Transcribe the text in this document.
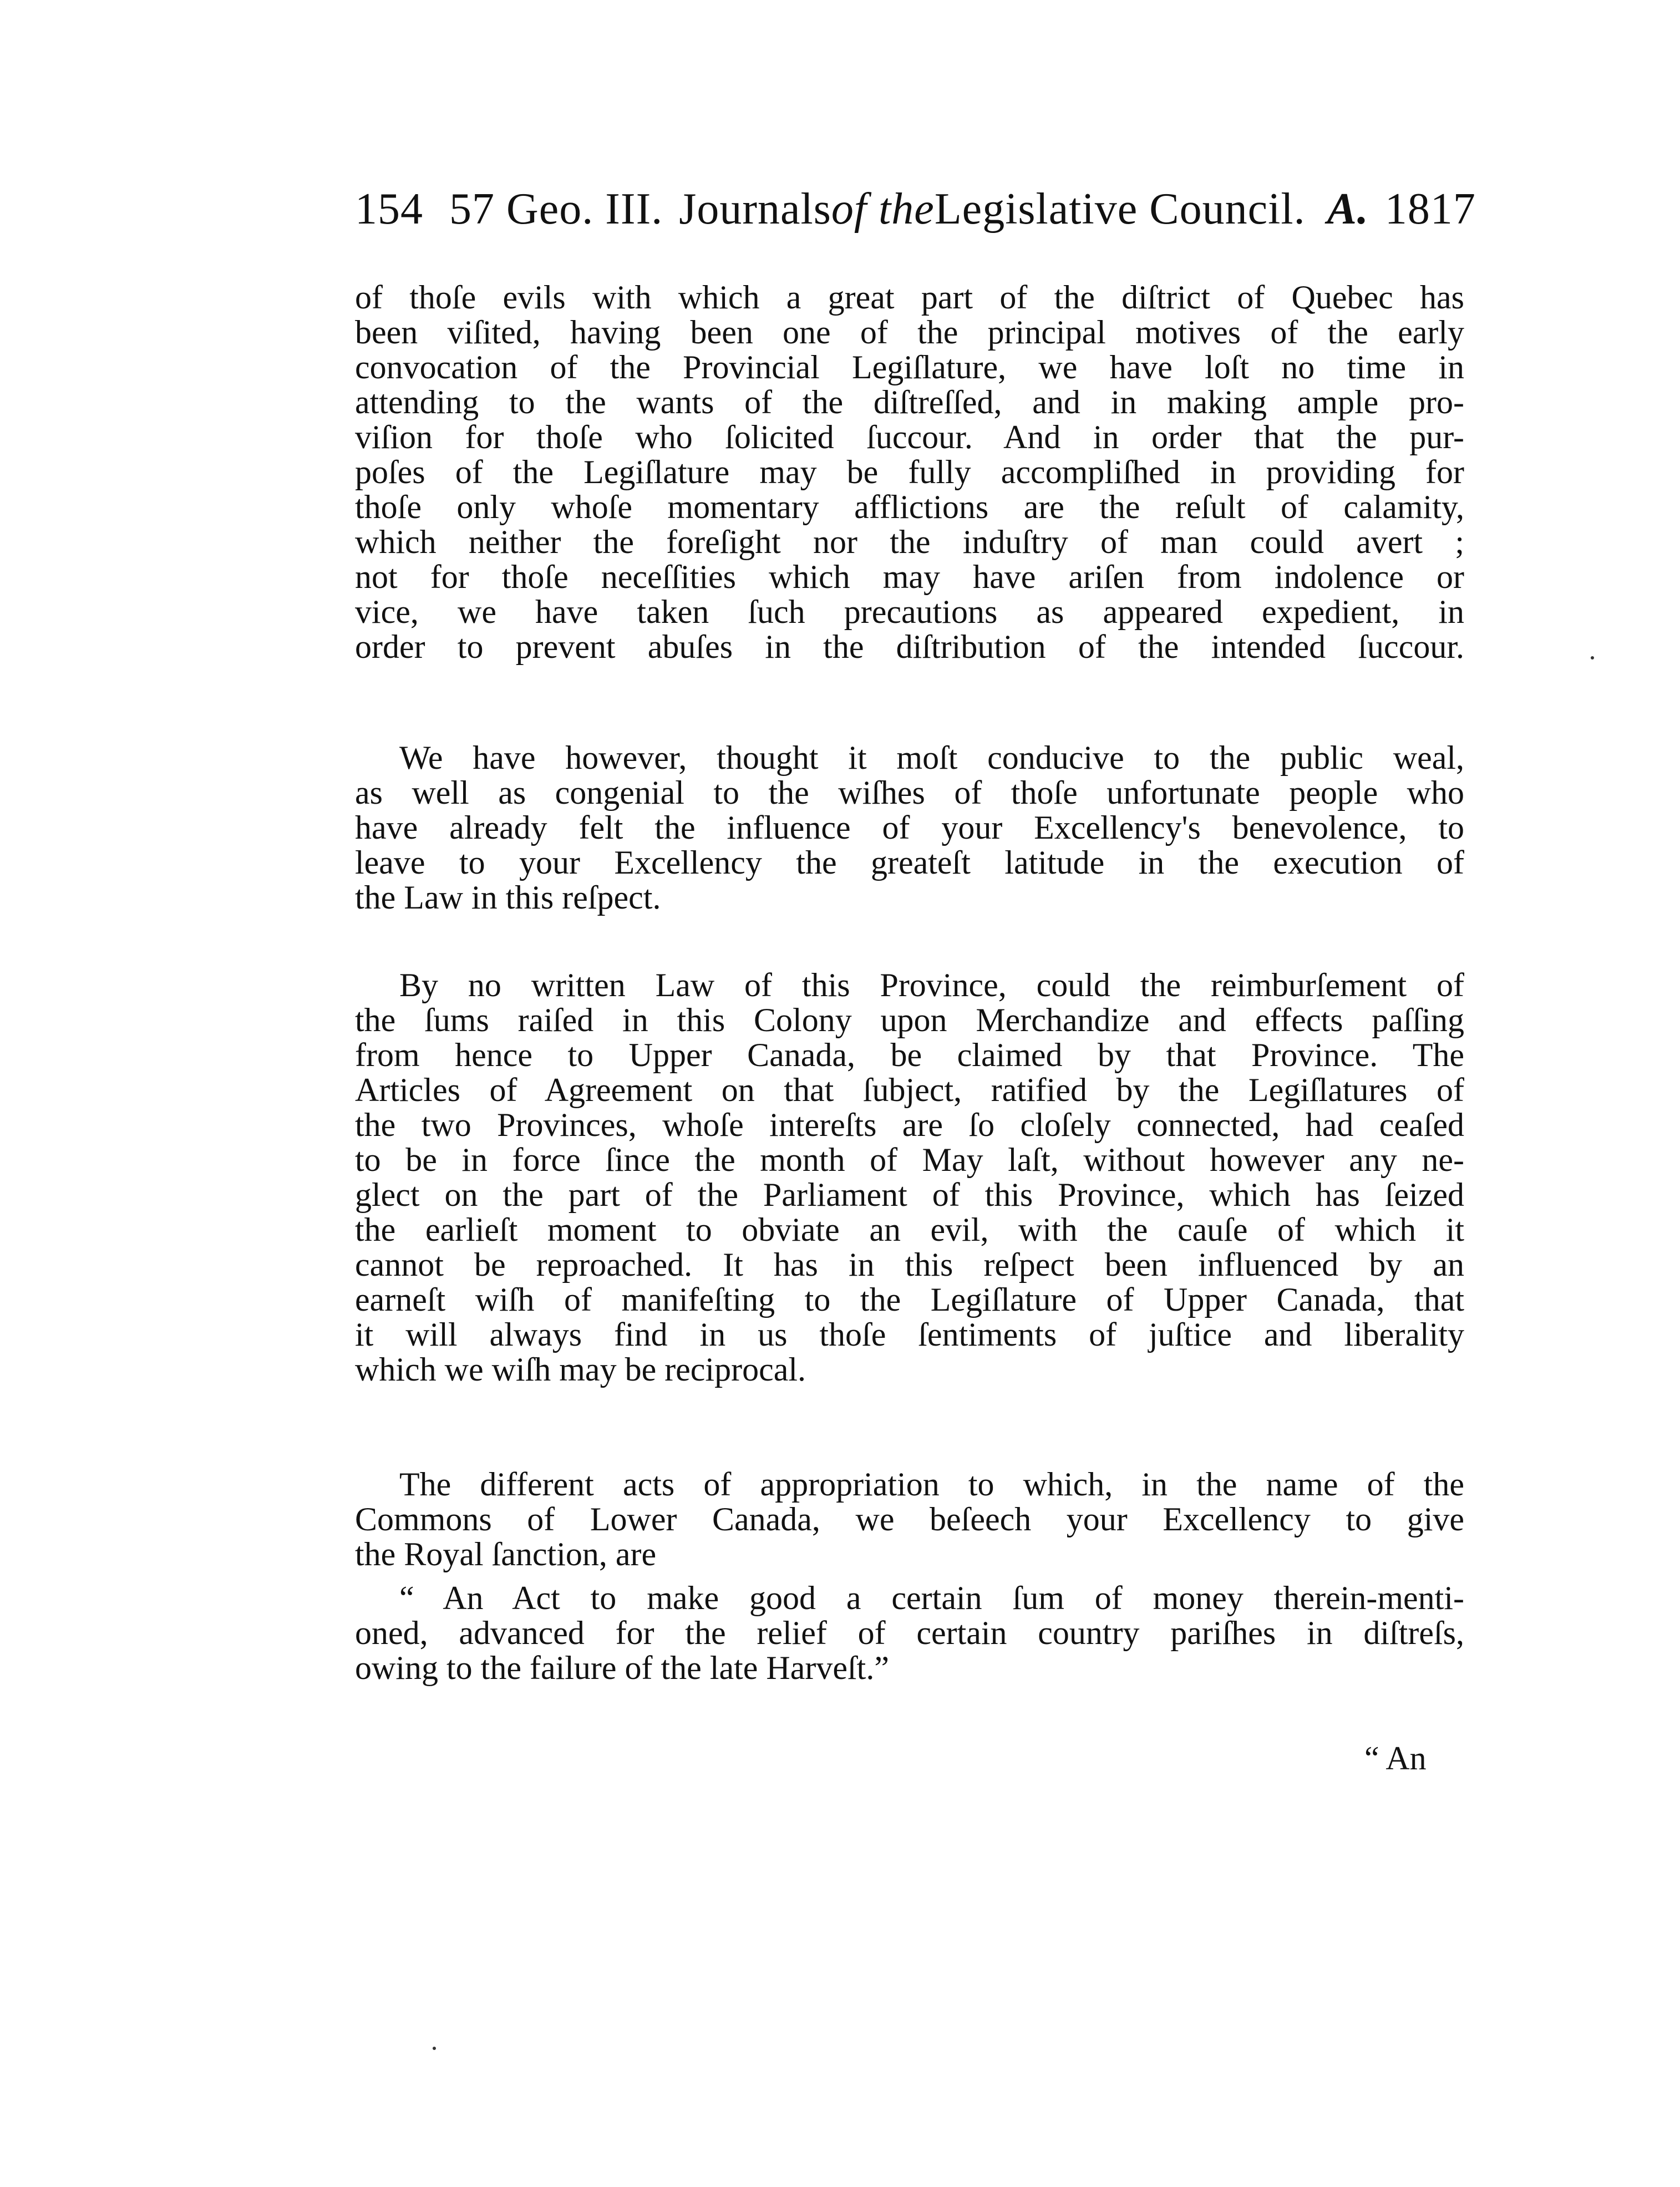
154 57 Geo. III. Journalsof theLegislative Council. A. 1817
of thoſe evils with which a great part of the diſtrict of Quebec has
been viſited, having been one of the principal motives of the early
convocation of the Provincial Legiſlature, we have loſt no time in
attending to the wants of the diſtreſſed, and in making ample pro-
viſion for thoſe who ſolicited ſuccour. And in order that the pur-
poſes of the Legiſlature may be fully accompliſhed in providing for
thoſe only whoſe momentary afflictions are the reſult of calamity,
which neither the foreſight nor the induſtry of man could avert ;
not for thoſe neceſſities which may have ariſen from indolence or
vice, we have taken ſuch precautions as appeared expedient, in
order to prevent abuſes in the diſtribution of the intended ſuccour.
We have however, thought it moſt conducive to the public weal,
as well as congenial to the wiſhes of thoſe unfortunate people who
have already felt the influence of your Excellency's benevolence, to
leave to your Excellency the greateſt latitude in the execution of
the Law in this reſpect.
By no written Law of this Province, could the reimburſement of
the ſums raiſed in this Colony upon Merchandize and effects paſſing
from hence to Upper Canada, be claimed by that Province. The
Articles of Agreement on that ſubject, ratified by the Legiſlatures of
the two Provinces, whoſe intereſts are ſo cloſely connected, had ceaſed
to be in force ſince the month of May laſt, without however any ne-
glect on the part of the Parliament of this Province, which has ſeized
the earlieſt moment to obviate an evil, with the cauſe of which it
cannot be reproached. It has in this reſpect been influenced by an
earneſt wiſh of manifeſting to the Legiſlature of Upper Canada, that
it will always find in us thoſe ſentiments of juſtice and liberality
which we wiſh may be reciprocal.
The different acts of appropriation to which, in the name of the
Commons of Lower Canada, we beſeech your Excellency to give
the Royal ſanction, are
“ An Act to make good a certain ſum of money therein-menti-
oned, advanced for the relief of certain country pariſhes in diſtreſs,
owing to the failure of the late Harveſt.”
“ An
